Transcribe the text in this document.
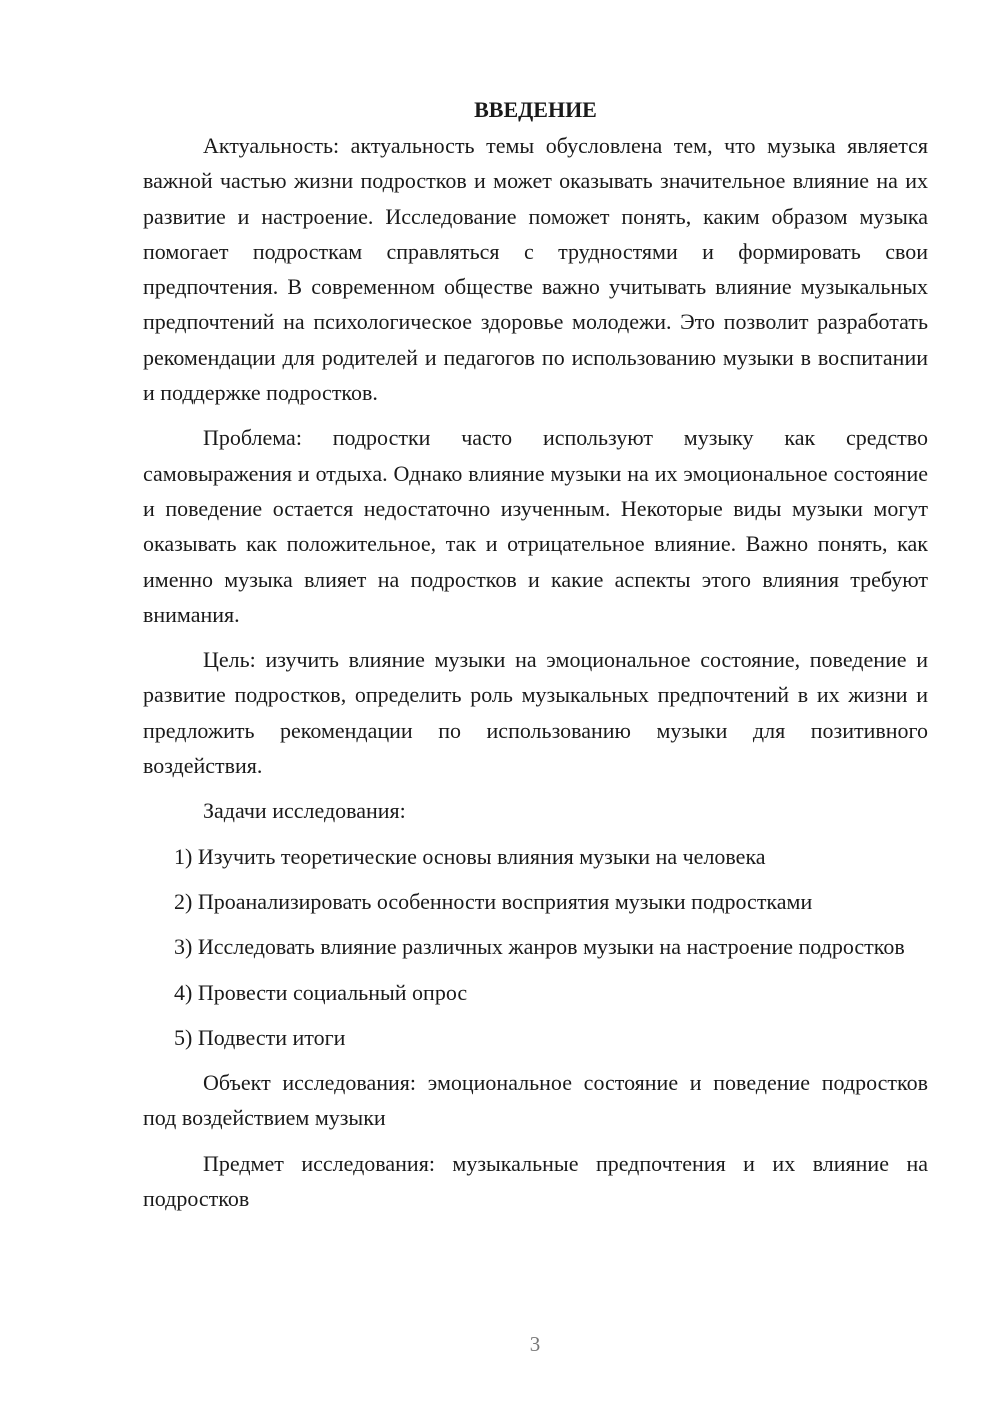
ВВЕДЕНИЕ

Актуальность: актуальность темы обусловлена тем, что музыка является важной частью жизни подростков и может оказывать значительное влияние на их развитие и настроение. Исследование поможет понять, каким образом музыка помогает подросткам справляться с трудностями и формировать свои предпочтения. В современном обществе важно учитывать влияние музыкальных предпочтений на психологическое здоровье молодежи. Это позволит разработать рекомендации для родителей и педагогов по использованию музыки в воспитании и поддержке подростков.

Проблема: подростки часто используют музыку как средство самовыражения и отдыха. Однако влияние музыки на их эмоциональное состояние и поведение остается недостаточно изученным. Некоторые виды музыки могут оказывать как положительное, так и отрицательное влияние. Важно понять, как именно музыка влияет на подростков и какие аспекты этого влияния требуют внимания.

Цель: изучить влияние музыки на эмоциональное состояние, поведение и развитие подростков, определить роль музыкальных предпочтений в их жизни и предложить рекомендации по использованию музыки для позитивного воздействия.

Задачи исследования:

1) Изучить теоретические основы влияния музыки на человека

2) Проанализировать особенности восприятия музыки подростками

3) Исследовать влияние различных жанров музыки на настроение подростков

4) Провести социальный опрос

5) Подвести итоги

Объект исследования: эмоциональное состояние и поведение подростков под воздействием музыки

Предмет исследования: музыкальные предпочтения и их влияние на подростков

3
